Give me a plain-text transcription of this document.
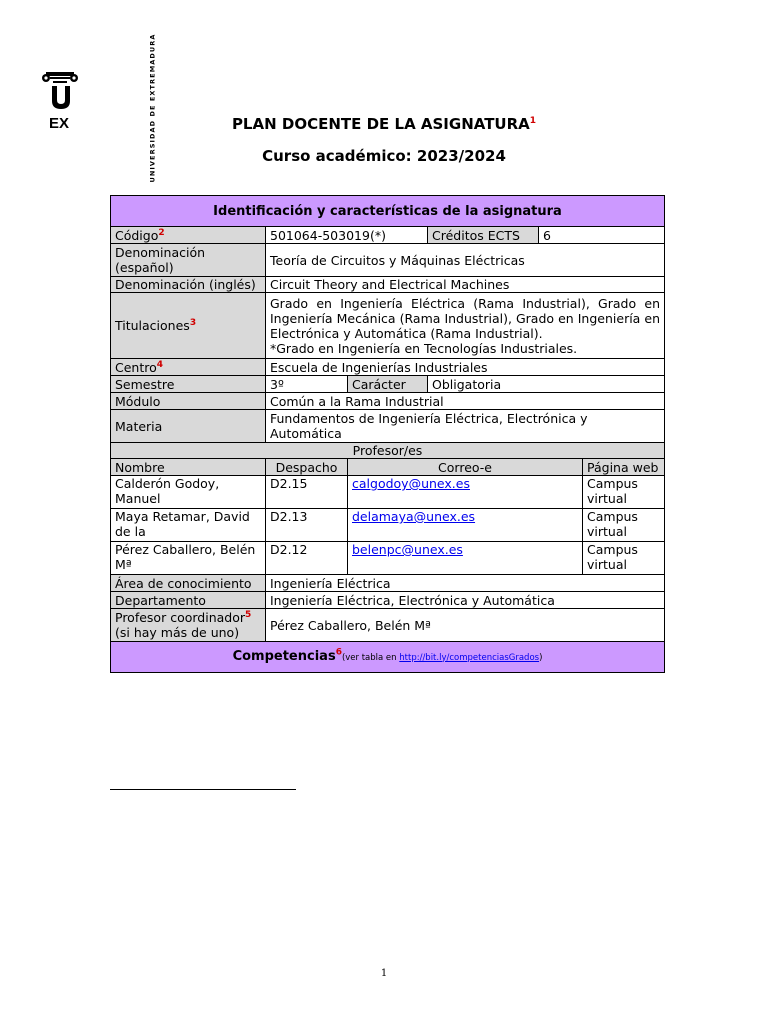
EX	UNIVERSIDAD DE EXTREMADURA	PLAN DOCENTE DE LA ASIGNATURA$^1$
Curso académico: 2023/2024
Identificación y características de la asignatura					
Código$^2$	501064-503019(*)		Créditos ECTS	6	
Denominación (español)	Teoría de Circuitos y Máquinas Eléctricas				
Denominación (inglés)	Circuit Theory and Electrical Machines				
Titulaciones$^3$	Grado en Ingeniería Eléctrica (Rama Industrial), Grado en Ingeniería Mecánica (Rama Industrial), Grado en Ingeniería en Electrónica y Automática (Rama Industrial).
*Grado en Ingeniería en Tecnologías Industriales.				

Centro$^4$	Escuela de Ingenierías Industriales				
Semestre	3º	Carácter	Obligatoria		
Módulo	Común a la Rama Industrial				
Materia	Fundamentos de Ingeniería Eléctrica, Electrónica y Automática				
Profesor/es					
Nombre	Despacho	Correo-e			Página web
Calderón Godoy, Manuel	D2.15	calgodoy@unex.es			Campus virtual
Maya Retamar, David de la	D2.13	delamaya@unex.es			Campus virtual
Pérez Caballero, Belén Mª	D2.12	belenpc@unex.es			Campus virtual
Área de conocimiento	Ingeniería Eléctrica				
Departamento	Ingeniería Eléctrica, Electrónica y Automática				
Profesor coordinador$^5$
(si hay más de uno)	Pérez Caballero, Belén Mª				
Competencias$^6$(ver tabla en http://bit.ly/competenciasGrados)					
1
